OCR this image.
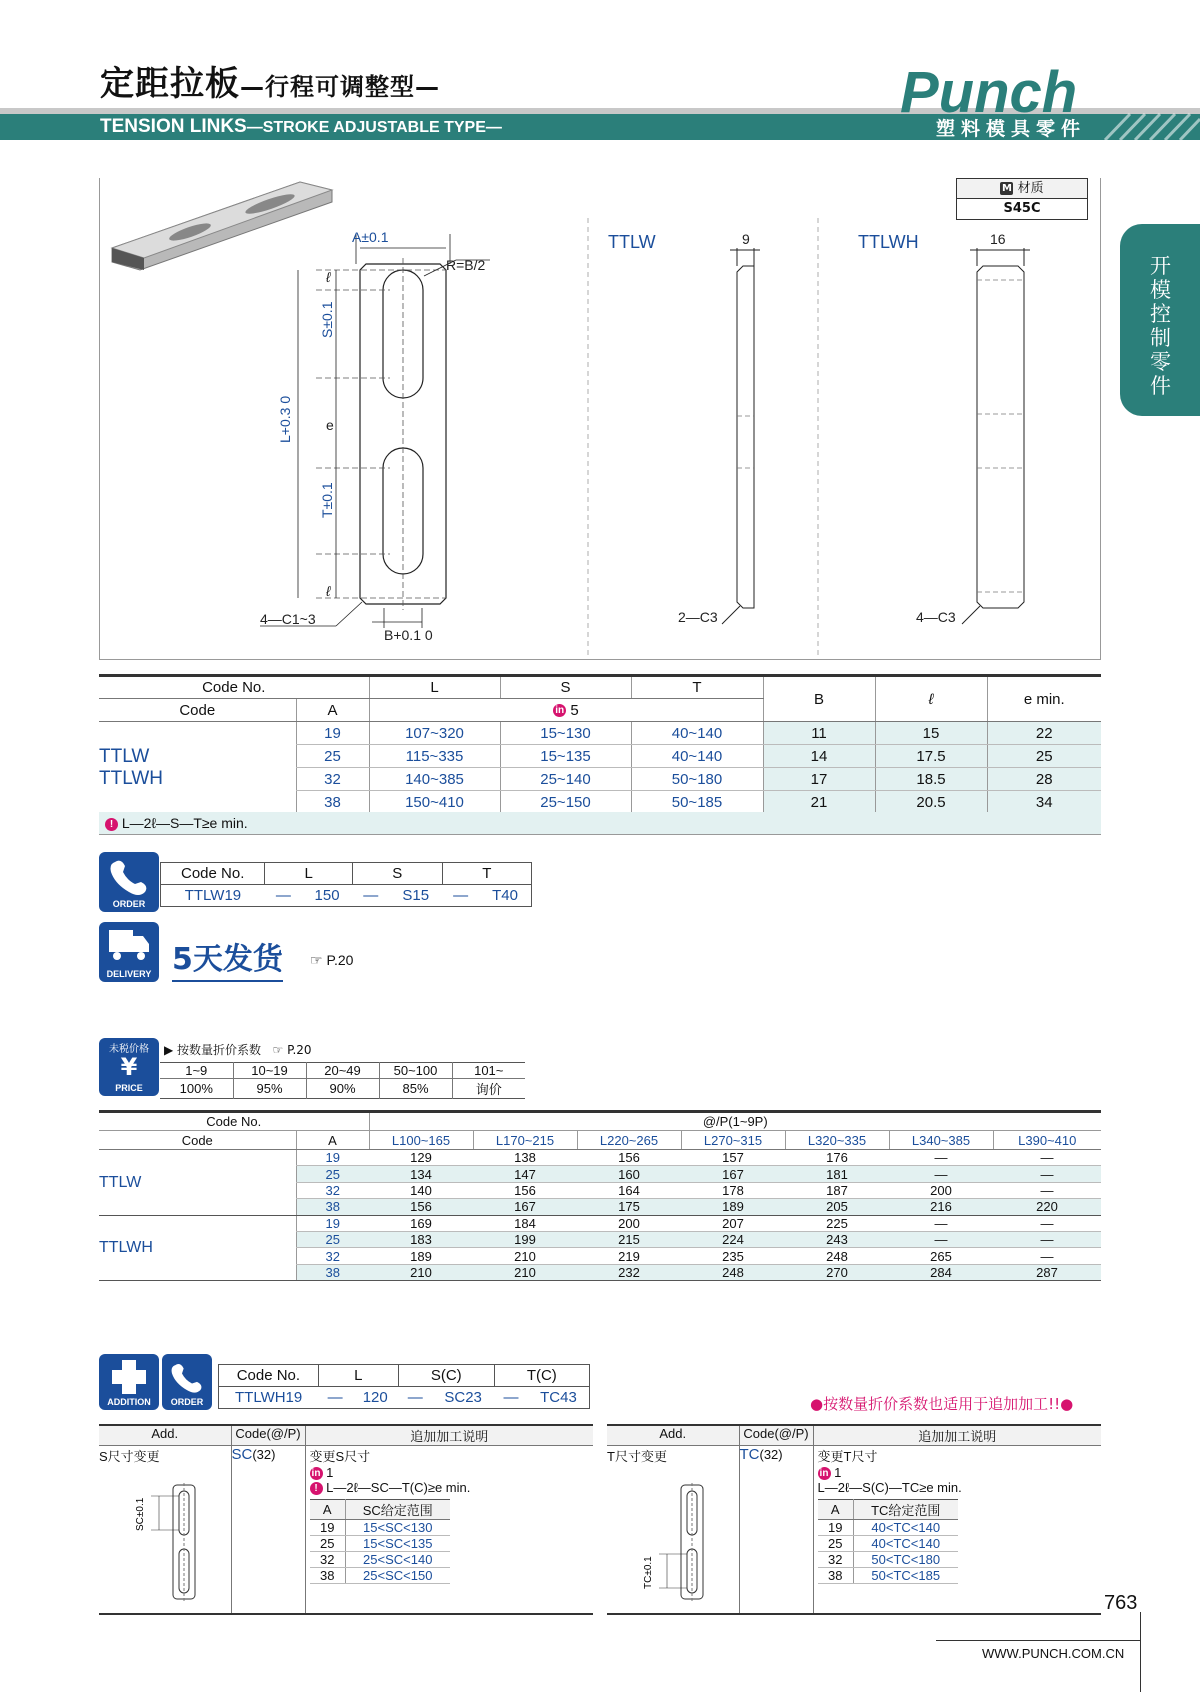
定距拉板—行程可调整型—
TENSION LINKS—STROKE ADJUSTABLE TYPE—
Punch
塑料模具零件
开模控制零件
A±0.1
R=B/2
ℓ
ℓ
S±0.1
e
T±0.1
L+0.3 0
4—C1~3
B+0.1 0
TTLW	9
2—C3
TTLWH	16
4—C3
M 材质
S45C
Code No.		L	S	T	B	ℓ	e min.
Code	A	in 5					

TTLW
TTLWH	19	107~320	15~130	40~140	11	15	22
	25	115~335	15~135	40~140	14	17.5	25
	32	140~385	25~140	50~180	17	18.5	28
	38	150~410	25~150	50~185	21	20.5	34
! L—2ℓ—S—T≥e min.
ORDER
Code No.	L		S		T	
TTLW19	—	150	—	S15	—	T40
DELIVERY 5天发货 ☞ P.20
未税价格
¥
PRICE
▶ 按数量折价系数 ☞ P.20
1~9	10~19	20~49	50~100	101~
100%	95%	90%	85%	询价
Code No.		@/P(1~9P)						
Code	A	L100~165	L170~215	L220~265	L270~315	L320~335	L340~385	L390~410
TTLW	19	129	138	156	157	176	—	—
	25	134	147	160	167	181	—	—
	32	140	156	164	178	187	200	—
	38	156	167	175	189	205	216	220
TTLWH	19	169	184	200	207	225	—	—
	25	183	199	215	224	243	—	—
	32	189	210	219	235	248	265	—
	38	210	210	232	248	270	284	287
ADDITION	ORDER
Code No.	L		S(C)		T(C)	
TTLWH19	—	120	—	SC23	—	TC43	●按数量折价系数也适用于追加加工!!●
Add.	Code(@/P)	追加加工说明

S尺寸变更
SC±0.1
	SC(32)	变更S尺寸
in 1
! L—2ℓ—SC—T(C)≥e min.
A	SC给定范围
19	15<SC<130
25	15<SC<135
32	25<SC<140
38	25<SC<150
Add.	Code(@/P)	追加加工说明

T尺寸变更
TC±0.1
	TC(32)	变更T尺寸
in 1
L—2ℓ—S(C)—TC≥e min.
A	TC给定范围
19	40<TC<140
25	40<TC<140
32	50<TC<180
38	50<TC<185
763
WWW.PUNCH.COM.CN
